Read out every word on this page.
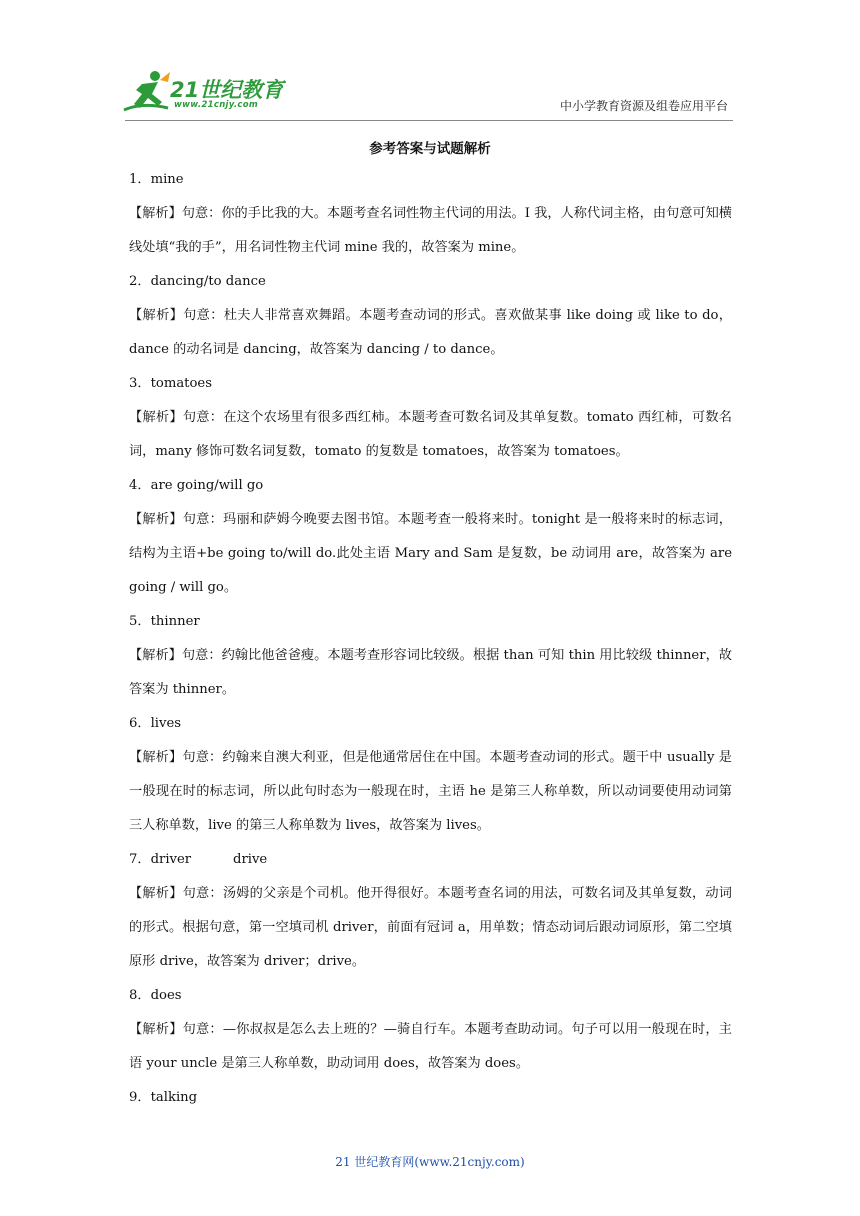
21世纪教育
www.21cnjy.com	中小学教育资源及组卷应用平台
参考答案与试题解析

1．mine

【解析】句意：你的手比我的大。本题考查名词性物主代词的用法。I 我，人称代词主格，由句意可知横线处填“我的手”，用名词性物主代词 mine 我的，故答案为 mine。

2．dancing/to dance

【解析】句意：杜夫人非常喜欢舞蹈。本题考查动词的形式。喜欢做某事 like doing 或 like to do，dance 的动名词是 dancing，故答案为 dancing / to dance。

3．tomatoes

【解析】句意：在这个农场里有很多西红柿。本题考查可数名词及其单复数。tomato 西红柿，可数名词，many 修饰可数名词复数，tomato 的复数是 tomatoes，故答案为 tomatoes。

4．are going/will go

【解析】句意：玛丽和萨姆今晚要去图书馆。本题考查一般将来时。tonight 是一般将来时的标志词，结构为主语+be going to/will do.此处主语 Mary and Sam 是复数，be 动词用 are，故答案为 are going / will go。

5．thinner

【解析】句意：约翰比他爸爸瘦。本题考查形容词比较级。根据 than 可知 thin 用比较级 thinner，故答案为 thinner。

6．lives

【解析】句意：约翰来自澳大利亚，但是他通常居住在中国。本题考查动词的形式。题干中 usually 是一般现在时的标志词，所以此句时态为一般现在时，主语 he 是第三人称单数，所以动词要使用动词第三人称单数，live 的第三人称单数为 lives，故答案为 lives。

7．driver          drive

【解析】句意：汤姆的父亲是个司机。他开得很好。本题考查名词的用法，可数名词及其单复数，动词的形式。根据句意，第一空填司机 driver，前面有冠词 a，用单数；情态动词后跟动词原形，第二空填原形 drive，故答案为 driver；drive。

8．does

【解析】句意：—你叔叔是怎么去上班的？—骑自行车。本题考查助动词。句子可以用一般现在时，主语 your uncle 是第三人称单数，助动词用 does，故答案为 does。

9．talking

21 世纪教育网(www.21cnjy.com)
